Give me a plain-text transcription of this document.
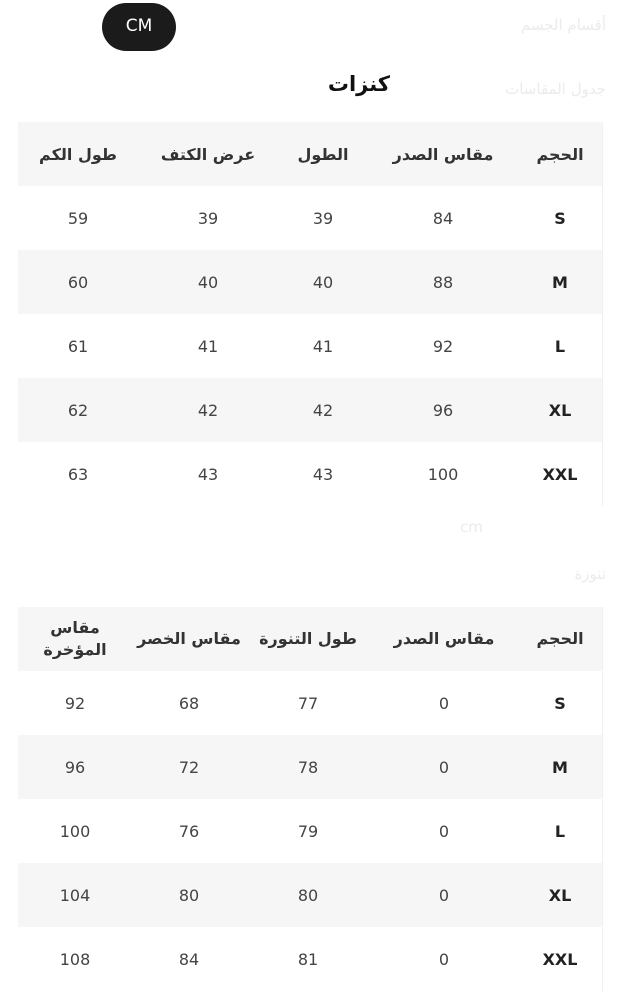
CM	أقسام الجسم
جدول المقاسات
cm
تنورة
كنزات
الحجم
مقاس الصدر
الطول
عرض الكتف
طول الكم
S
84
39
39
59
M
88
40
40
60
L
92
41
41
61
XL
96
42
42
62
XXL
100
43
43
63
الحجم
مقاس الصدر
طول التنورة
مقاس الخصر
مقاس المؤخرة
S
0
77
68
92
M
0
78
72
96
L
0
79
76
100
XL
0
80
80
104
XXL
0
81
84
108
